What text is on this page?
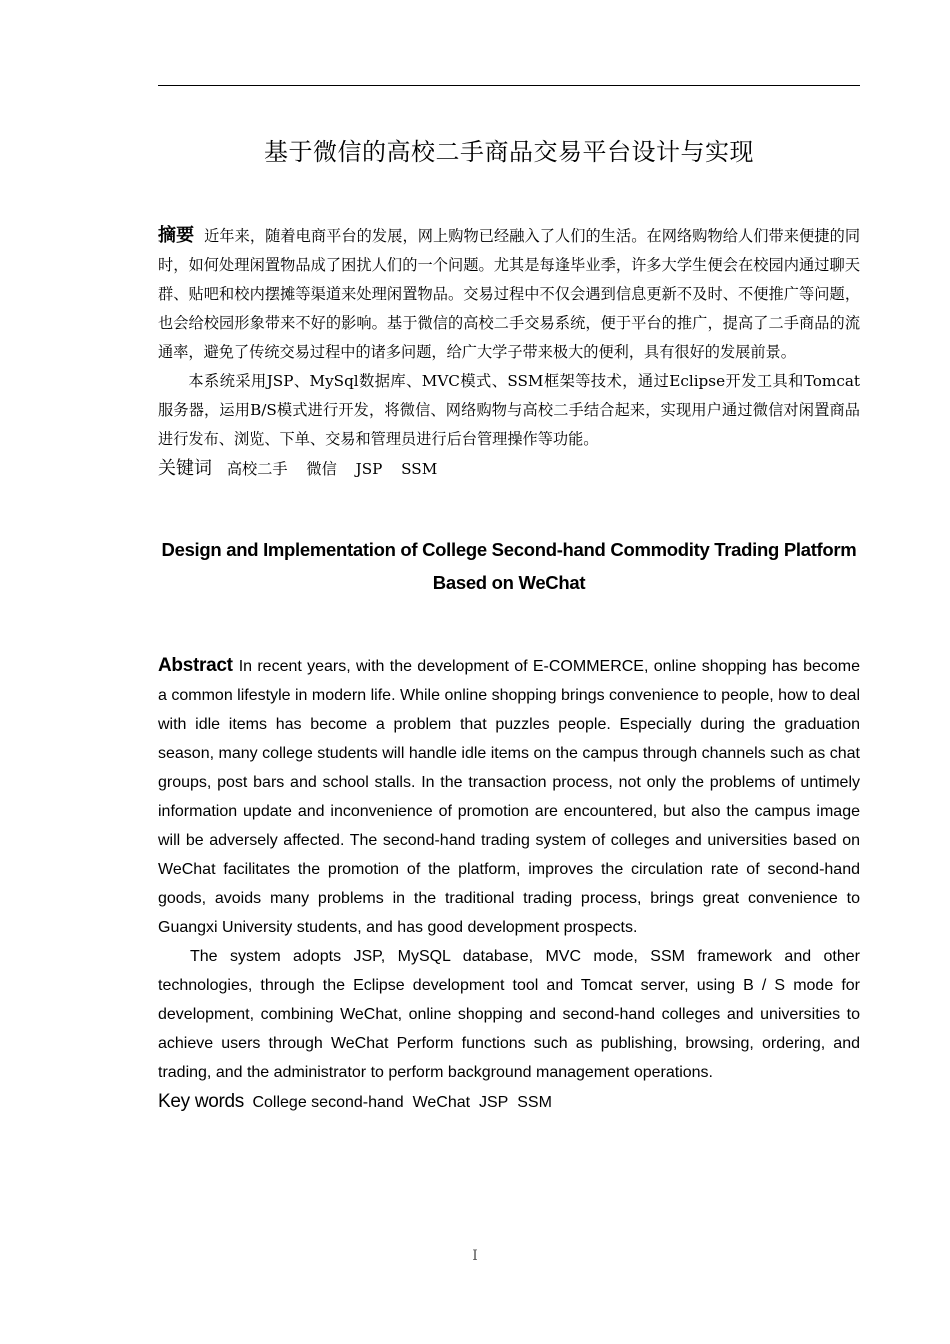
基于微信的高校二手商品交易平台设计与实现
摘要 近年来，随着电商平台的发展，网上购物已经融入了人们的生活。在网络购物给人们带来便捷的同时，如何处理闲置物品成了困扰人们的一个问题。尤其是每逢毕业季，许多大学生便会在校园内通过聊天群、贴吧和校内摆摊等渠道来处理闲置物品。交易过程中不仅会遇到信息更新不及时、不便推广等问题，也会给校园形象带来不好的影响。基于微信的高校二手交易系统，便于平台的推广，提高了二手商品的流通率，避免了传统交易过程中的诸多问题，给广大学子带来极大的便利，具有很好的发展前景。
本系统采用JSP、MySql数据库、MVC模式、SSM框架等技术，通过Eclipse开发工具和Tomcat服务器，运用B/S模式进行开发，将微信、网络购物与高校二手结合起来，实现用户通过微信对闲置商品进行发布、浏览、下单、交易和管理员进行后台管理操作等功能。
关键词 高校二手 微信 JSP SSM
Design and Implementation of College Second-hand Commodity Trading Platform Based on WeChat
Abstract In recent years, with the development of E-COMMERCE, online shopping has become a common lifestyle in modern life. While online shopping brings convenience to people, how to deal with idle items has become a problem that puzzles people. Especially during the graduation season, many college students will handle idle items on the campus through channels such as chat groups, post bars and school stalls. In the transaction process, not only the problems of untimely information update and inconvenience of promotion are encountered, but also the campus image will be adversely affected. The second-hand trading system of colleges and universities based on WeChat facilitates the promotion of the platform, improves the circulation rate of second-hand goods, avoids many problems in the traditional trading process, brings great convenience to Guangxi University students, and has good development prospects.
The system adopts JSP, MySQL database, MVC mode, SSM framework and other technologies, through the Eclipse development tool and Tomcat server, using B / S mode for development, combining WeChat, online shopping and second-hand colleges and universities to achieve users through WeChat Perform functions such as publishing, browsing, ordering, and trading, and the administrator to perform background management operations.
Key words College second-hand WeChat JSP SSM
I
